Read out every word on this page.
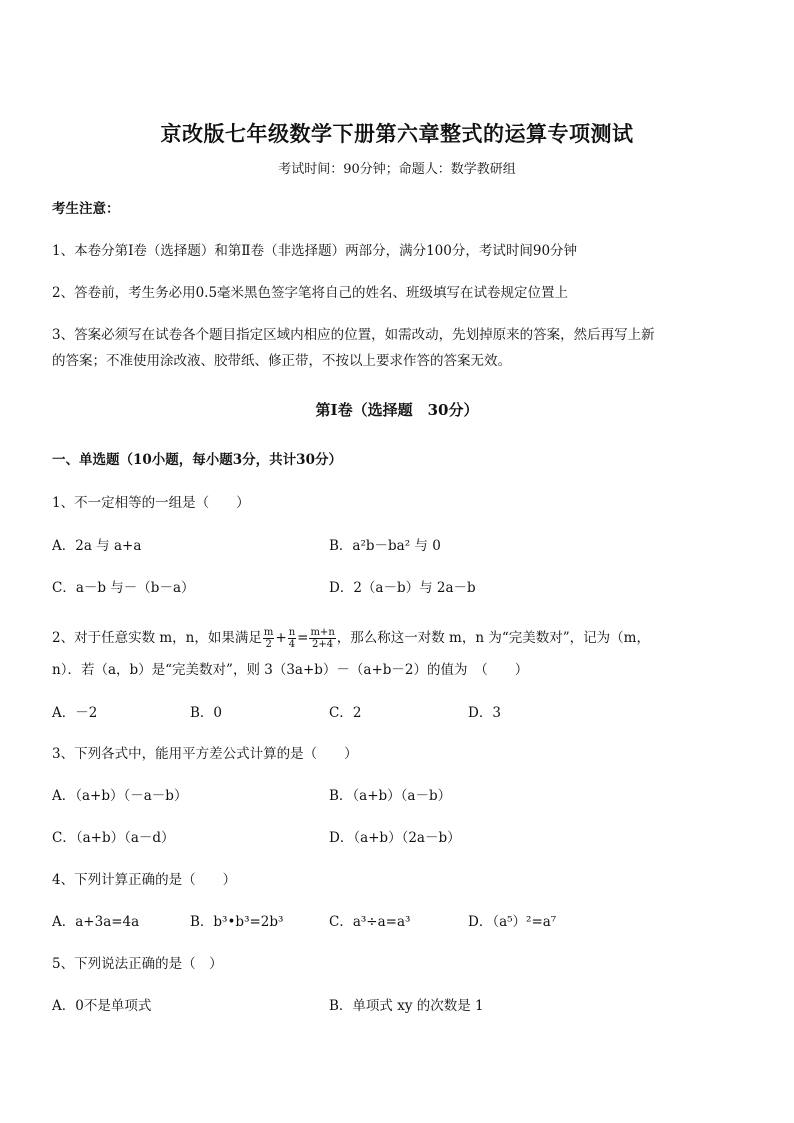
京改版七年级数学下册第六章整式的运算专项测试
考试时间：90分钟；命题人：数学教研组
考生注意：
1、本卷分第Ⅰ卷（选择题）和第Ⅱ卷（非选择题）两部分，满分100分，考试时间90分钟
2、答卷前，考生务必用0.5毫米黑色签字笔将自己的姓名、班级填写在试卷规定位置上
3、答案必须写在试卷各个题目指定区域内相应的位置，如需改动，先划掉原来的答案，然后再写上新
的答案；不准使用涂改液、胶带纸、修正带，不按以上要求作答的答案无效。
第Ⅰ卷（选择题　30分）
一、单选题（10小题，每小题3分，共计30分）
1、不一定相等的一组是（　　）
A．2a 与 a+a	B．a²b－ba² 与 0
C．a－b 与－（b－a）	D．2（a－b）与 2a－b
2、对于任意实数 m，n，如果满足 $\frac{m}{2} + \frac{n}{4} = \frac{m+n}{2+4}$ ，那么称这一对数 m，n 为“完美数对”，记为（m，
n）．若（a，b）是“完美数对”，则 3（3a+b）－（a+b－2）的值为　（　　）
A．－2	B．0	C．2	D．3
3、下列各式中，能用平方差公式计算的是（　　）
A．（a+b）（－a－b）	B．（a+b）（a－b）
C．（a+b）（a－d）	D．（a+b）（2a－b）
4、下列计算正确的是（　　）
A．a+3a=4a	B．b³•b³=2b³	C．a³÷a=a³	D．（a⁵）²=a⁷
5、下列说法正确的是（　）
A．0不是单项式	B．单项式 xy 的次数是 1
